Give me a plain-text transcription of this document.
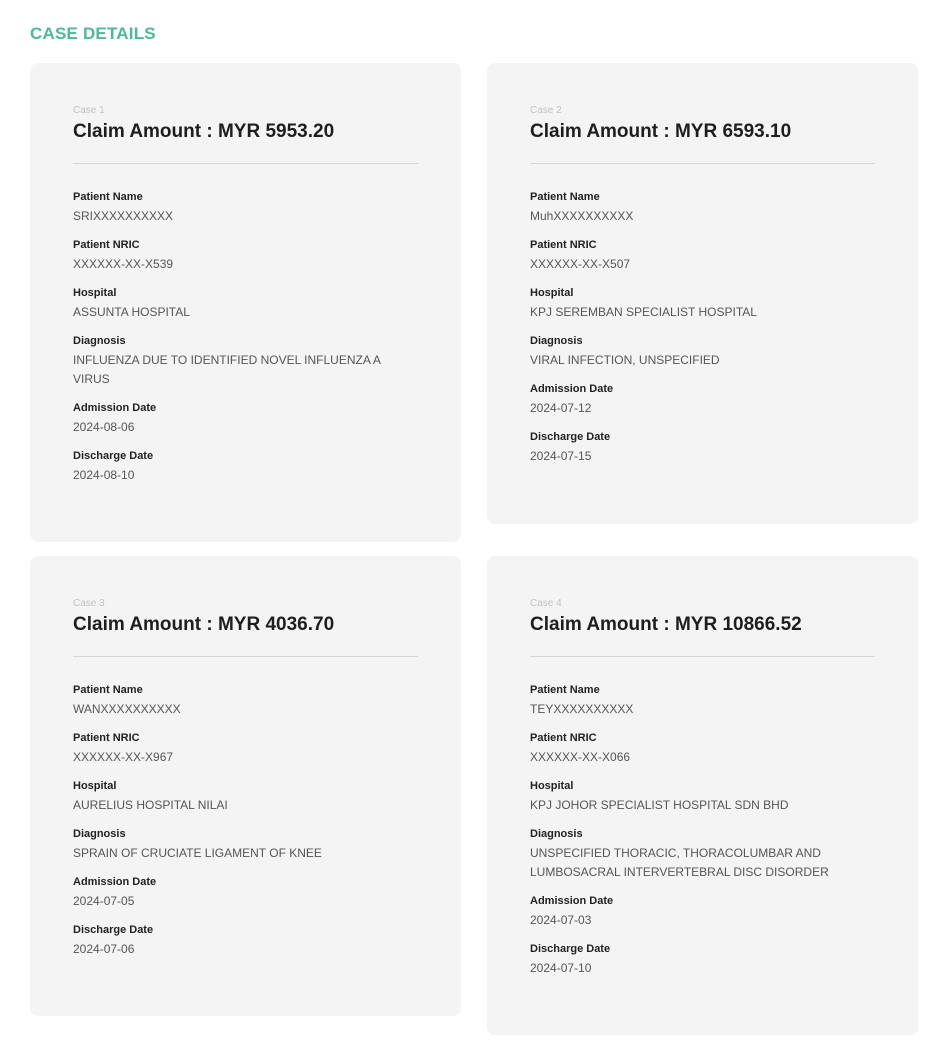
CASE DETAILS
Case 1
Claim Amount : MYR 5953.20
Patient Name
SRIXXXXXXXXXX
Patient NRIC
XXXXXX-XX-X539
Hospital
ASSUNTA HOSPITAL
Diagnosis
INFLUENZA DUE TO IDENTIFIED NOVEL INFLUENZA A VIRUS
Admission Date
2024-08-06
Discharge Date
2024-08-10
Case 2
Claim Amount : MYR 6593.10
Patient Name
MuhXXXXXXXXXX
Patient NRIC
XXXXXX-XX-X507
Hospital
KPJ SEREMBAN SPECIALIST HOSPITAL
Diagnosis
VIRAL INFECTION, UNSPECIFIED
Admission Date
2024-07-12
Discharge Date
2024-07-15
Case 3
Claim Amount : MYR 4036.70
Patient Name
WANXXXXXXXXXX
Patient NRIC
XXXXXX-XX-X967
Hospital
AURELIUS HOSPITAL NILAI
Diagnosis
SPRAIN OF CRUCIATE LIGAMENT OF KNEE
Admission Date
2024-07-05
Discharge Date
2024-07-06
Case 4
Claim Amount : MYR 10866.52
Patient Name
TEYXXXXXXXXXX
Patient NRIC
XXXXXX-XX-X066
Hospital
KPJ JOHOR SPECIALIST HOSPITAL SDN BHD
Diagnosis
UNSPECIFIED THORACIC, THORACOLUMBAR AND LUMBOSACRAL INTERVERTEBRAL DISC DISORDER
Admission Date
2024-07-03
Discharge Date
2024-07-10
